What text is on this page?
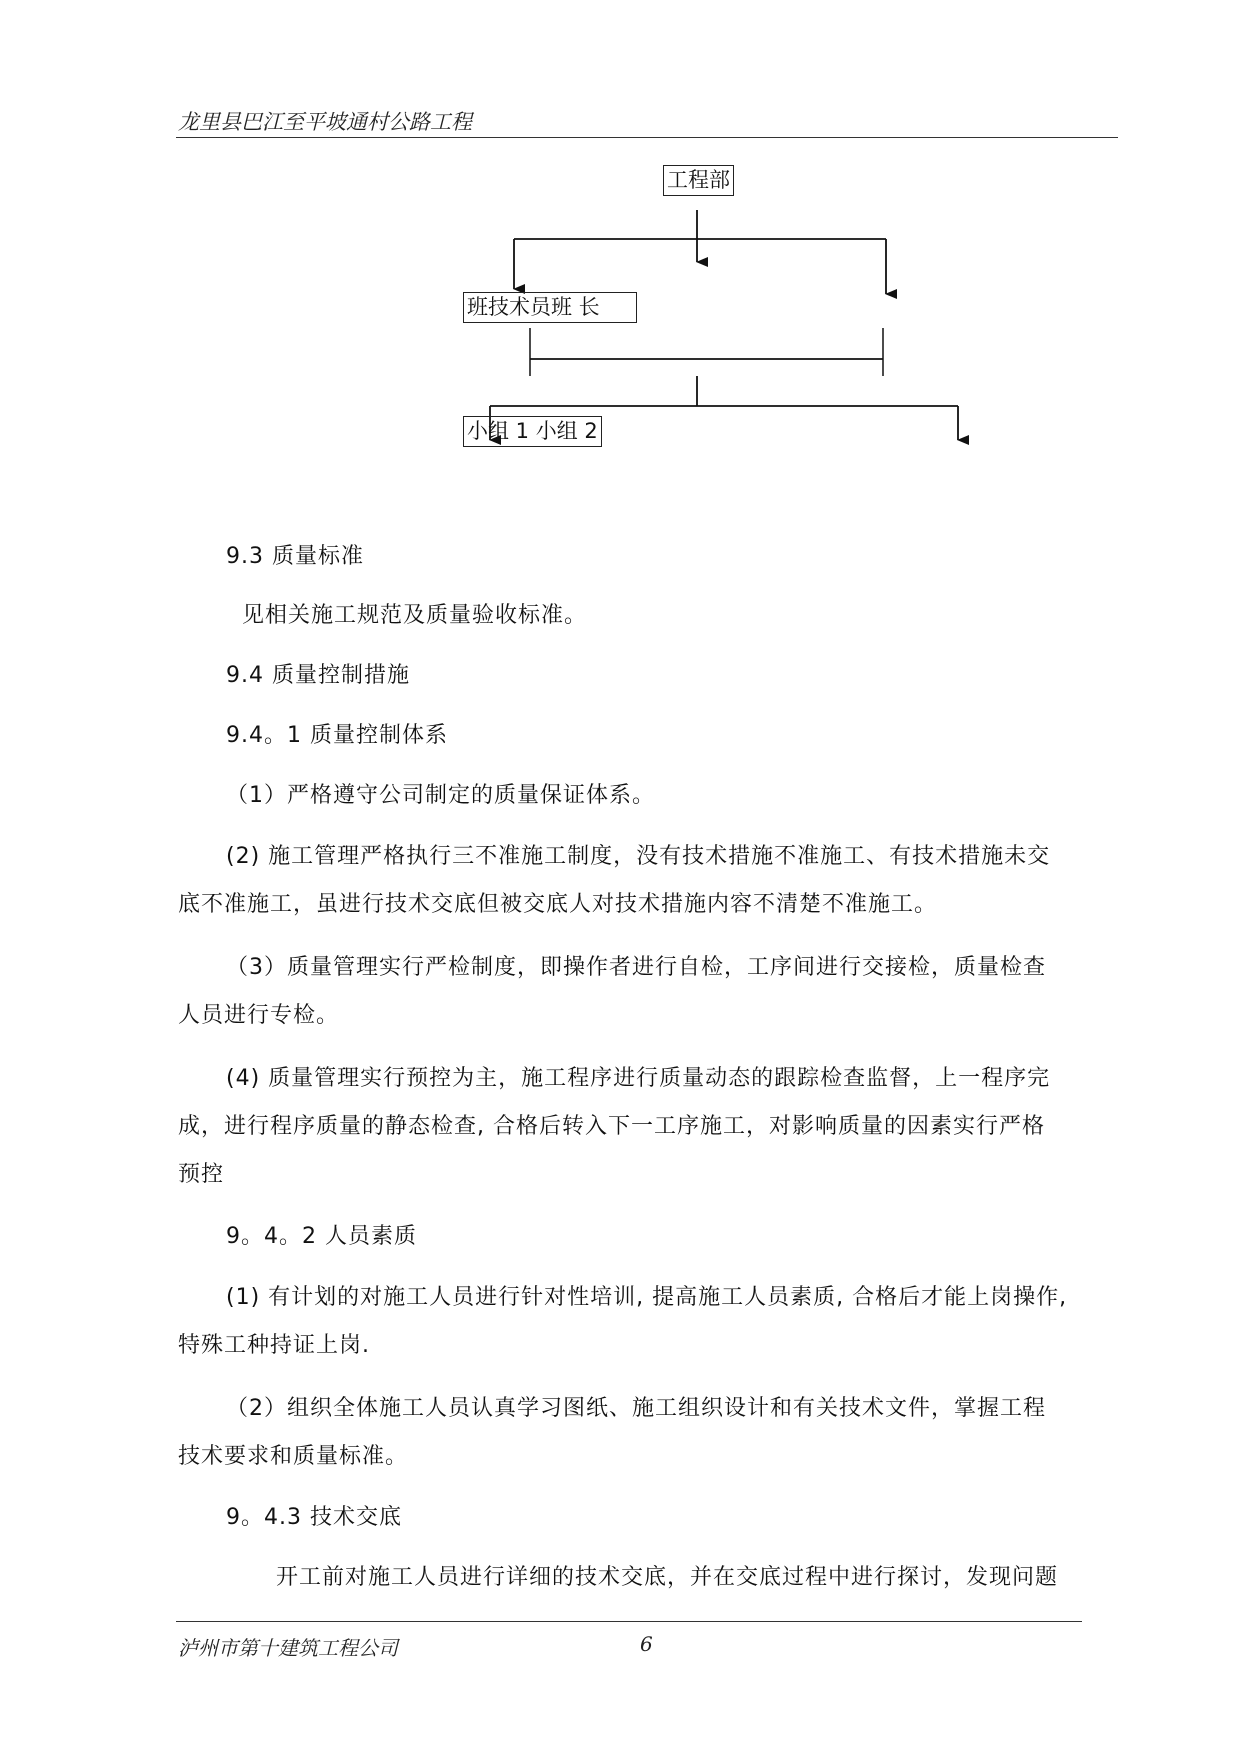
龙里县巴江至平坡通村公路工程
工程部
班技术员班 长
小组 1 小组 2
9.3 质量标准
见相关施工规范及质量验收标准。
9.4 质量控制措施
9.4。1 质量控制体系
（1）严格遵守公司制定的质量保证体系。
(2) 施工管理严格执行三不准施工制度，没有技术措施不准施工、有技术措施未交
底不准施工，虽进行技术交底但被交底人对技术措施内容不清楚不准施工。
（3）质量管理实行严检制度，即操作者进行自检，工序间进行交接检，质量检查
人员进行专检。
(4) 质量管理实行预控为主，施工程序进行质量动态的跟踪检查监督，上一程序完
成，进行程序质量的静态检查, 合格后转入下一工序施工，对影响质量的因素实行严格
预控
9。4。2 人员素质
(1) 有计划的对施工人员进行针对性培训, 提高施工人员素质, 合格后才能上岗操作,
特殊工种持证上岗.
（2）组织全体施工人员认真学习图纸、施工组织设计和有关技术文件，掌握工程
技术要求和质量标准。
9。4.3 技术交底
开工前对施工人员进行详细的技术交底，并在交底过程中进行探讨，发现问题
泸州市第十建筑工程公司	6
